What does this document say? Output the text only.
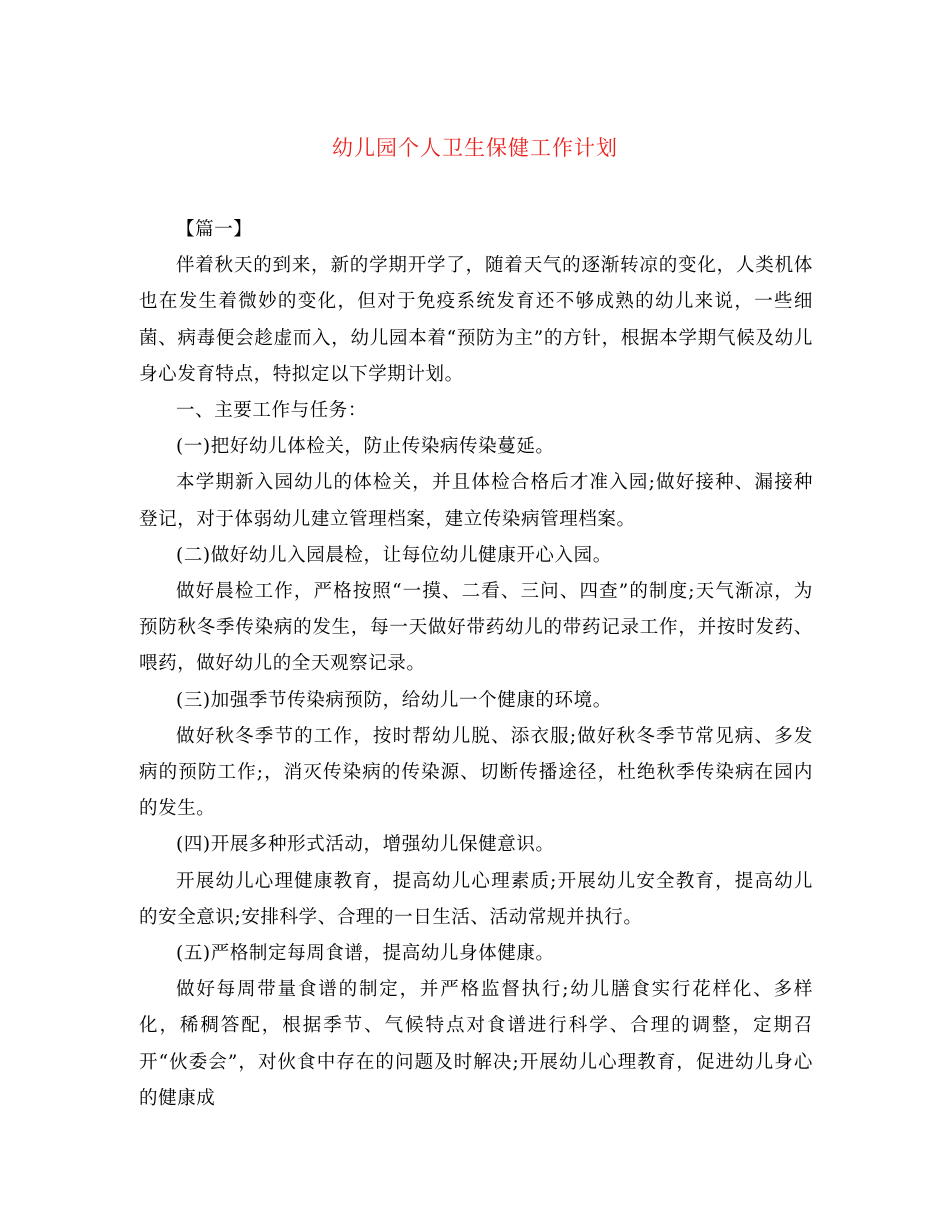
幼儿园个人卫生保健工作计划

【篇一】

伴着秋天的到来，新的学期开学了，随着天气的逐渐转凉的变化，人类机体也在发生着微妙的变化，但对于免疫系统发育还不够成熟的幼儿来说，一些细菌、病毒便会趁虚而入，幼儿园本着“预防为主”的方针，根据本学期气候及幼儿身心发育特点，特拟定以下学期计划。

一、主要工作与任务：

(一)把好幼儿体检关，防止传染病传染蔓延。

本学期新入园幼儿的体检关，并且体检合格后才准入园;做好接种、漏接种登记，对于体弱幼儿建立管理档案，建立传染病管理档案。

(二)做好幼儿入园晨检，让每位幼儿健康开心入园。

做好晨检工作，严格按照“一摸、二看、三问、四查”的制度;天气渐凉，为预防秋冬季传染病的发生，每一天做好带药幼儿的带药记录工作，并按时发药、喂药，做好幼儿的全天观察记录。

(三)加强季节传染病预防，给幼儿一个健康的环境。

做好秋冬季节的工作，按时帮幼儿脱、添衣服;做好秋冬季节常见病、多发病的预防工作;，消灭传染病的传染源、切断传播途径，杜绝秋季传染病在园内的发生。

(四)开展多种形式活动，增强幼儿保健意识。

开展幼儿心理健康教育，提高幼儿心理素质;开展幼儿安全教育，提高幼儿的安全意识;安排科学、合理的一日生活、活动常规并执行。

(五)严格制定每周食谱，提高幼儿身体健康。

做好每周带量食谱的制定，并严格监督执行;幼儿膳食实行花样化、多样化，稀稠答配，根据季节、气候特点对食谱进行科学、合理的调整，定期召开“伙委会”，对伙食中存在的问题及时解决;开展幼儿心理教育，促进幼儿身心的健康成
